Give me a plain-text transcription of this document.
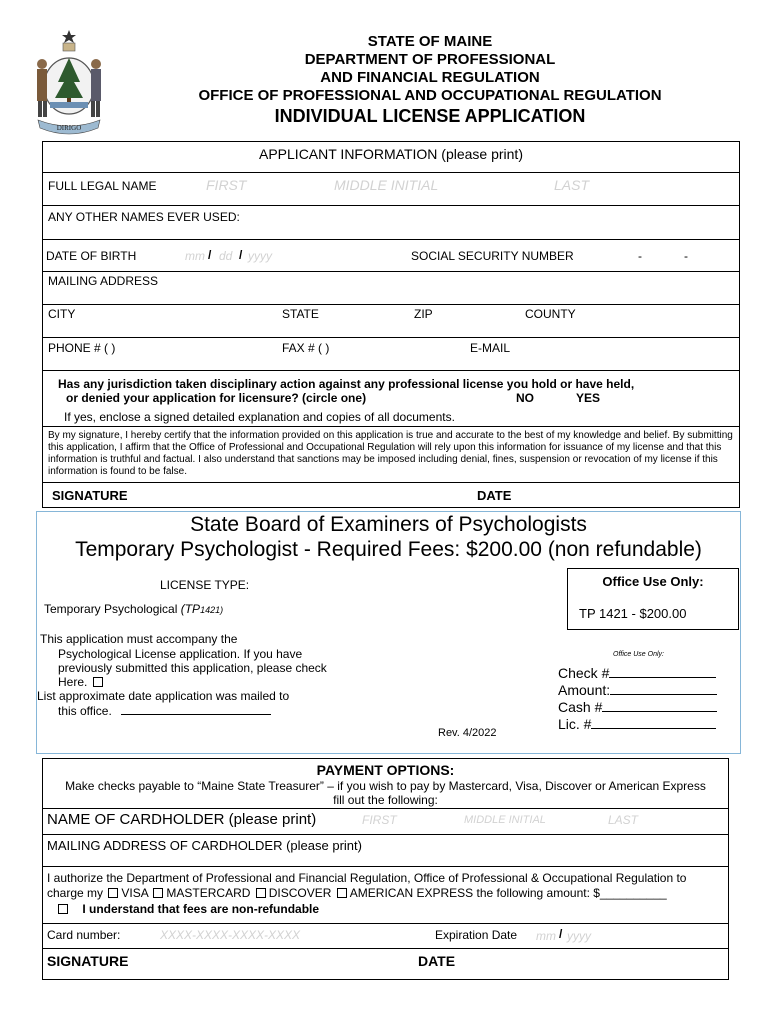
DIRIGO
STATE OF MAINE
DEPARTMENT OF PROFESSIONAL
AND FINANCIAL REGULATION
OFFICE OF PROFESSIONAL AND OCCUPATIONAL REGULATION
INDIVIDUAL LICENSE APPLICATION
APPLICANT INFORMATION (please print)
FULL LEGAL NAME	FIRST	MIDDLE INITIAL	LAST
ANY OTHER NAMES EVER USED:
DATE OF BIRTH	mm / dd / yyyy	SOCIAL SECURITY NUMBER	-	-
MAILING ADDRESS
CITY	STATE	ZIP	COUNTY
PHONE # ( )	FAX # ( )	E-MAIL
Has any jurisdiction taken disciplinary action against any professional license you hold or have held,
or denied your application for licensure? (circle one)	NO	YES
If yes, enclose a signed detailed explanation and copies of all documents.
By my signature, I hereby certify that the information provided on this application is true and accurate to the best of my knowledge and belief. By submitting this application, I affirm that the Office of Professional and Occupational Regulation will rely upon this information for issuance of my license and that this information is truthful and factual. I also understand that sanctions may be imposed including denial, fines, suspension or revocation of my license if this information is found to be false.
SIGNATURE	DATE
State Board of Examiners of Psychologists
Temporary Psychologist - Required Fees: $200.00 (non refundable)
LICENSE TYPE:
Temporary Psychological (TP1421)
Office Use Only:
TP 1421 - $200.00
This application must accompany the
Psychological License application. If you have
previously submitted this application, please check
Here.
List approximate date application was mailed to
this office.
Office Use Only:
Check #
Amount:
Cash #
Lic. #
Rev. 4/2022
PAYMENT OPTIONS:
Make checks payable to “Maine State Treasurer” – if you wish to pay by Mastercard, Visa, Discover or American Express
fill out the following:
NAME OF CARDHOLDER (please print)	FIRST	MIDDLE INITIAL	LAST
MAILING ADDRESS OF CARDHOLDER (please print)
I authorize the Department of Professional and Financial Regulation, Office of Professional & Occupational Regulation to
charge my VISA MASTERCARD DISCOVER AMERICAN EXPRESS the following amount: $__________
I understand that fees are non-refundable
Card number:	XXXX-XXXX-XXXX-XXXX	Expiration Date mm / yyyy
SIGNATURE	DATE
